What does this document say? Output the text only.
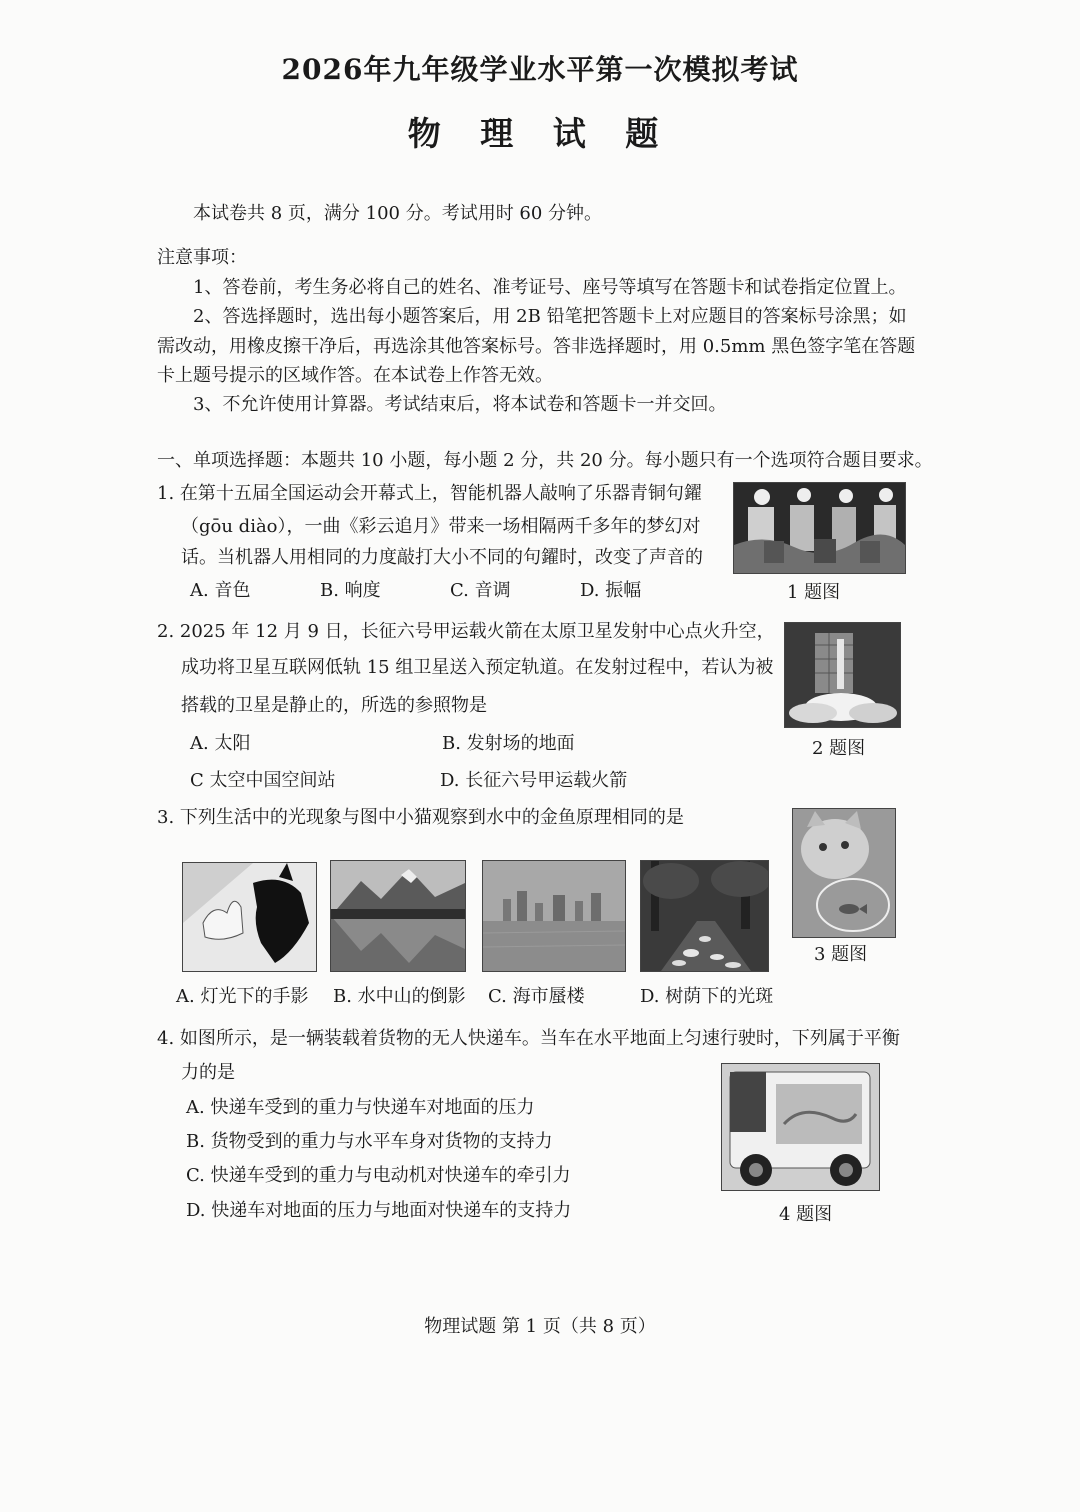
2026年九年级学业水平第一次模拟考试
物 理 试 题
本试卷共 8 页，满分 100 分。考试用时 60 分钟。
注意事项：
1、答卷前，考生务必将自己的姓名、准考证号、座号等填写在答题卡和试卷指定位置上。
2、答选择题时，选出每小题答案后，用 2B 铅笔把答题卡上对应题目的答案标号涂黑；如
需改动，用橡皮擦干净后，再选涂其他答案标号。答非选择题时，用 0.5mm 黑色签字笔在答题
卡上题号提示的区域作答。在本试卷上作答无效。
3、不允许使用计算器。考试结束后，将本试卷和答题卡一并交回。
一、单项选择题：本题共 10 小题，每小题 2 分，共 20 分。每小题只有一个选项符合题目要求。
1. 在第十五届全国运动会开幕式上，智能机器人敲响了乐器青铜句鑃
（gōu diào），一曲《彩云追月》带来一场相隔两千多年的梦幻对
话。当机器人用相同的力度敲打大小不同的句鑃时，改变了声音的
A. 音色	B. 响度	C. 音调	D. 振幅	1 题图
2. 2025 年 12 月 9 日，长征六号甲运载火箭在太原卫星发射中心点火升空，
成功将卫星互联网低轨 15 组卫星送入预定轨道。在发射过程中，若认为被
搭载的卫星是静止的，所选的参照物是
A. 太阳	B. 发射场的地面
C 太空中国空间站	D. 长征六号甲运载火箭
2 题图
3. 下列生活中的光现象与图中小猫观察到水中的金鱼原理相同的是
3 题图
A. 灯光下的手影 B. 水中山的倒影 C. 海市蜃楼	D. 树荫下的光斑
4. 如图所示，是一辆装载着货物的无人快递车。当车在水平地面上匀速行驶时，下列属于平衡
力的是
A. 快递车受到的重力与快递车对地面的压力
B. 货物受到的重力与水平车身对货物的支持力
C. 快递车受到的重力与电动机对快递车的牵引力
D. 快递车对地面的压力与地面对快递车的支持力	4 题图
物理试题 第 1 页（共 8 页）
